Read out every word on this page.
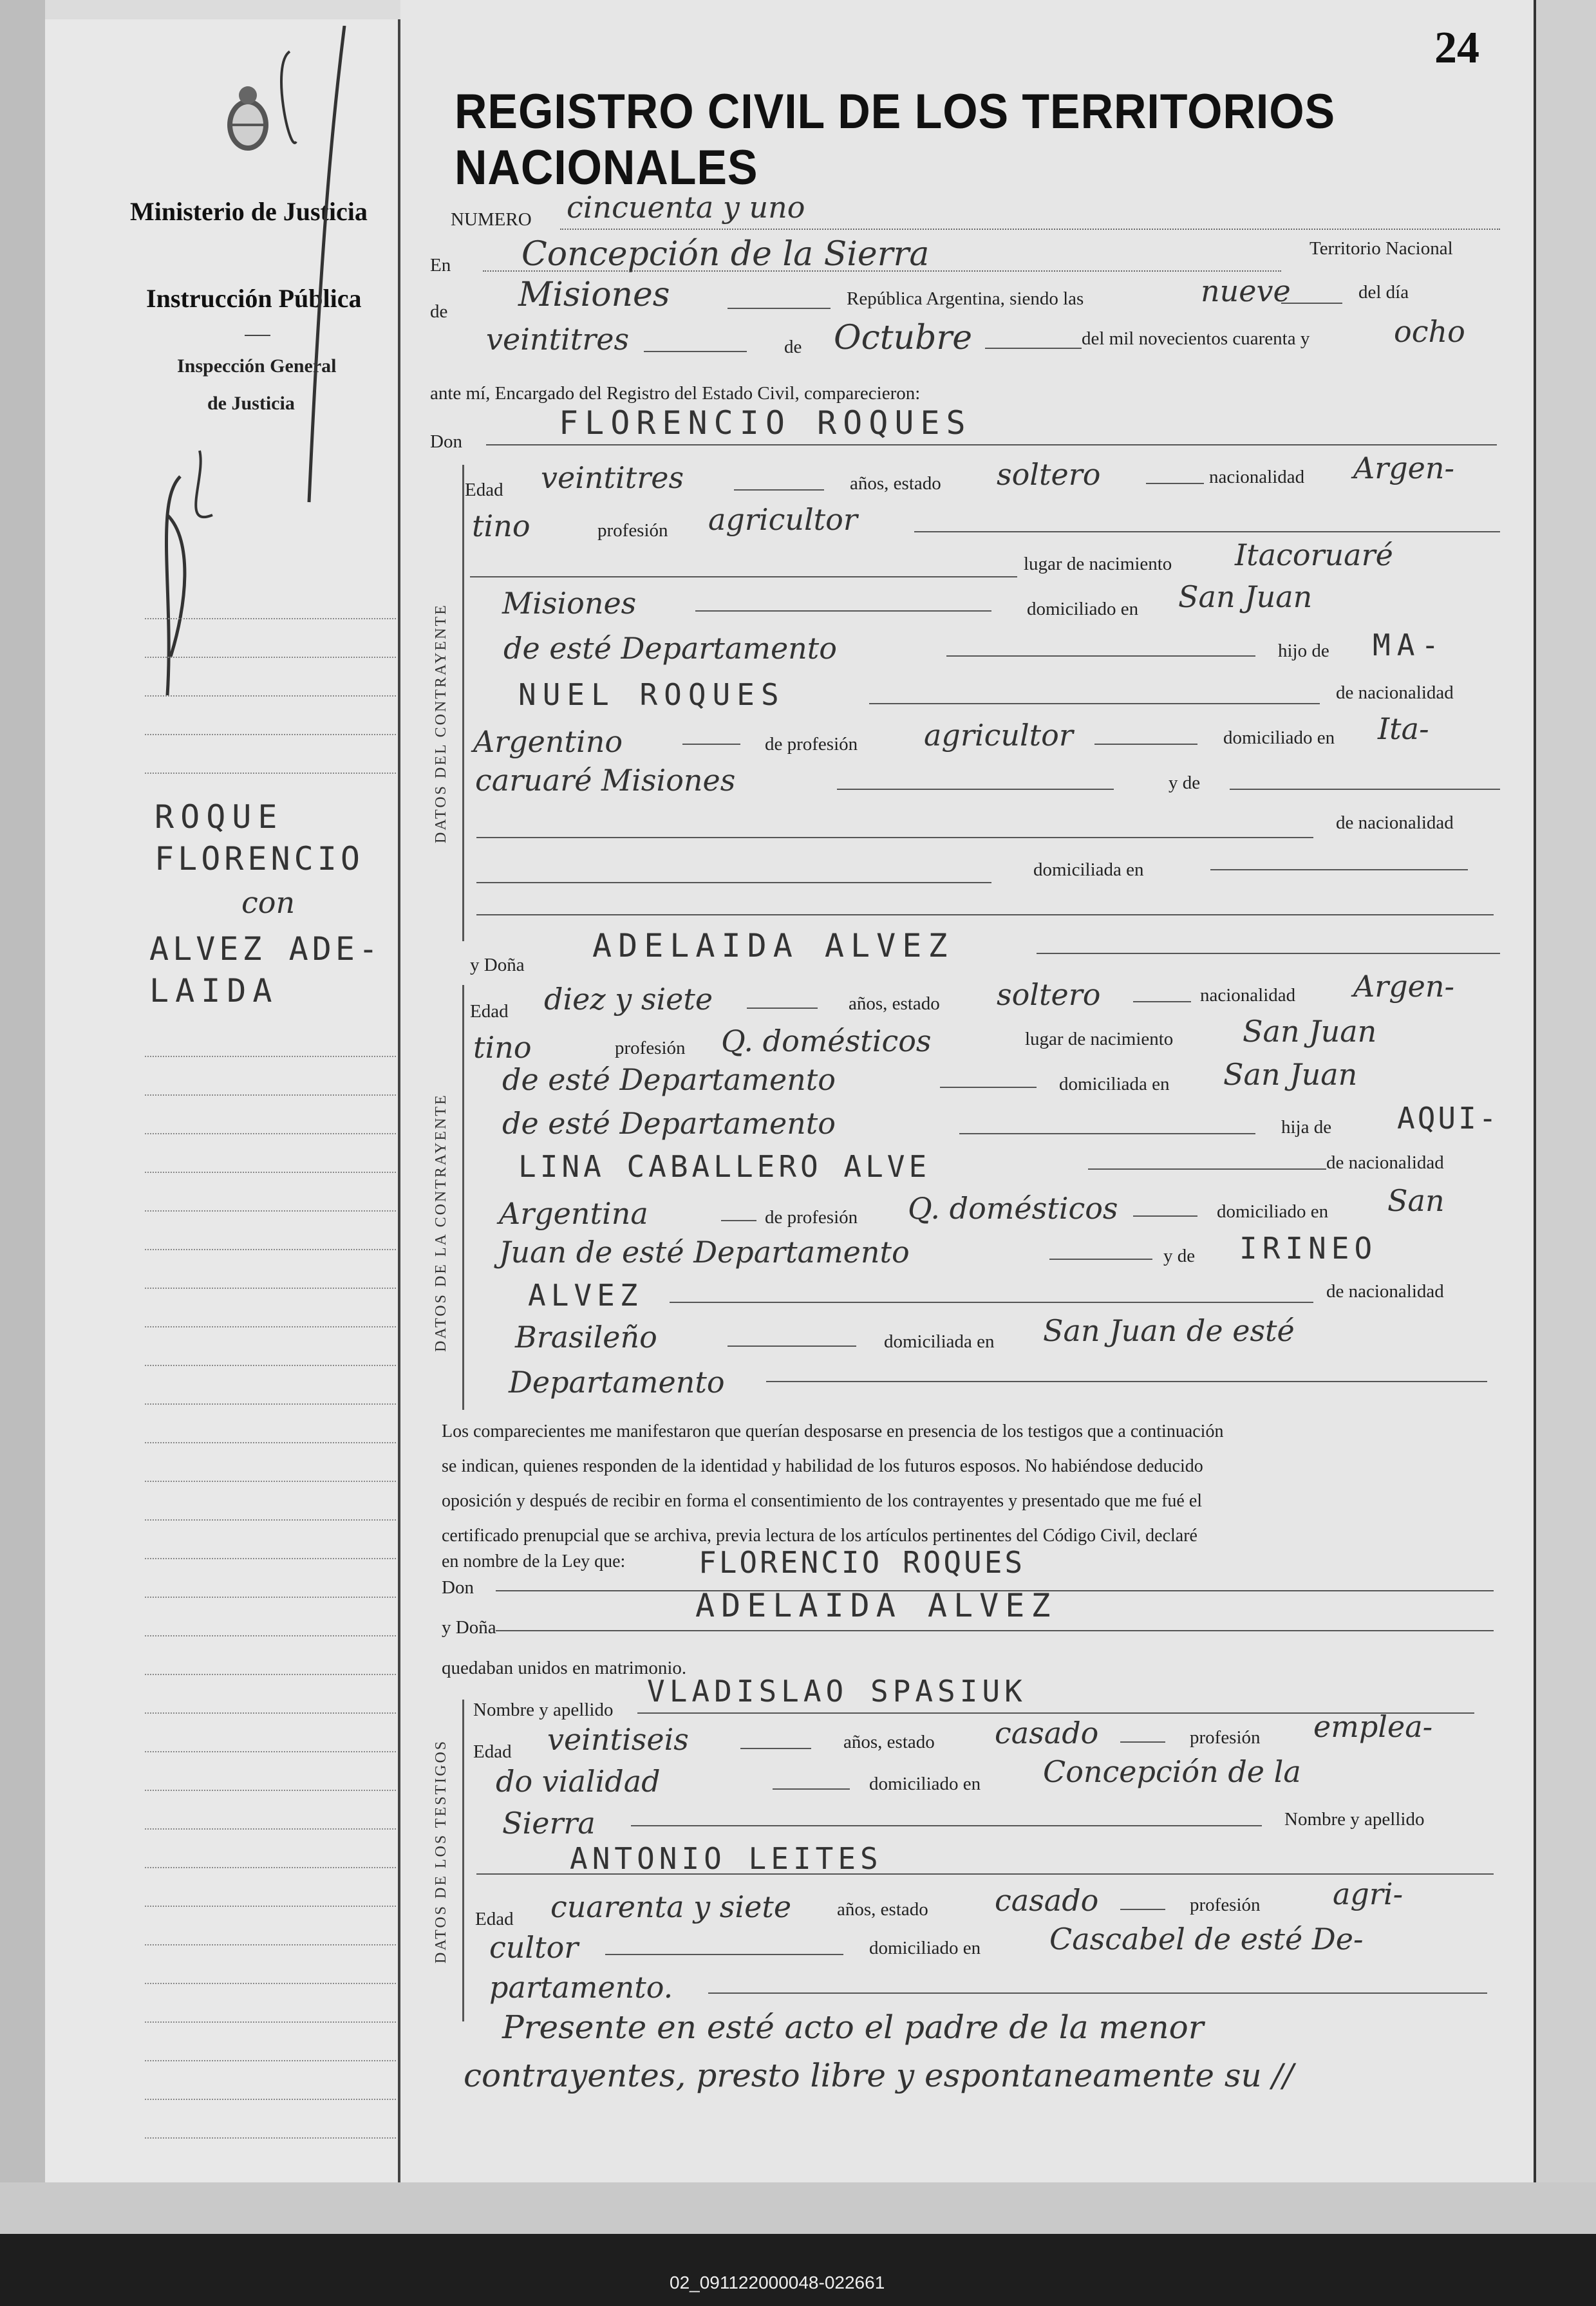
Ministerio de Justicia
Instrucción Pública
Inspección General
de Justicia
ROQUE
FLORENCIO
con
ALVEZ ADE-
LAIDA
24
REGISTRO CIVIL DE LOS TERRITORIOS NACIONALES
NUMERO cincuenta y uno
En Concepción de la Sierra	Territorio Nacional
de Misiones	República Argentina, siendo las	nueve	del día
veintitres	de Octubre	del mil novecientos cuarenta y	ocho
ante mí, Encargado del Registro del Estado Civil, comparecieron:
Don	FLORENCIO ROQUES
DATOS DEL CONTRAYENTE
Edad veintitres	años, estado soltero	nacionalidad Argen-
tino	profesión agricultor
lugar de nacimiento Itacoruaré
Misiones	domiciliado en San Juan
de esté Departamento	hijo de MA-
NUEL ROQUES	de nacionalidad
Argentino	de profesión agricultor	domiciliado en Ita-
caruaré Misiones	y de
de nacionalidad
domiciliada en
y Doña
ADELAIDA ALVEZ
DATOS DE LA CONTRAYENTE
Edad diez y siete	años, estado soltero	nacionalidad Argen-
tino	profesión Q. domésticos	lugar de nacimiento San Juan
de esté Departamento	domiciliada en San Juan
de esté Departamento	hija de AQUI-
LINA CABALLERO ALVE	de nacionalidad
Argentina	de profesión Q. domésticos	domiciliado en San
Juan de esté Departamento	y de IRINEO
ALVEZ	de nacionalidad
Brasileño	domiciliada en San Juan de esté
Departamento
Los comparecientes me manifestaron que querían desposarse en presencia de los testigos que a continuación
se indican, quienes responden de la identidad y habilidad de los futuros esposos. No habiéndose deducido
oposición y después de recibir en forma el consentimiento de los contrayentes y presentado que me fué el
certificado prenupcial que se archiva, previa lectura de los artículos pertinentes del Código Civil, declaré
en nombre de la Ley que:
Don
FLORENCIO ROQUES
y Doña
ADELAIDA ALVEZ
quedaban unidos en matrimonio.
DATOS DE LOS TESTIGOS
Nombre y apellido
VLADISLAO SPASIUK
Edad veintiseis	años, estado casado	profesión emplea-
do vialidad	domiciliado en Concepción de la
Sierra	Nombre y apellido
ANTONIO LEITES
Edad cuarenta y siete años, estado casado	profesión agri-
cultor	domiciliado en Cascabel de esté De-
partamento.
Presente en esté acto el padre de la menor
contrayentes, presto libre y espontaneamente su //
02_091122000048-022661
